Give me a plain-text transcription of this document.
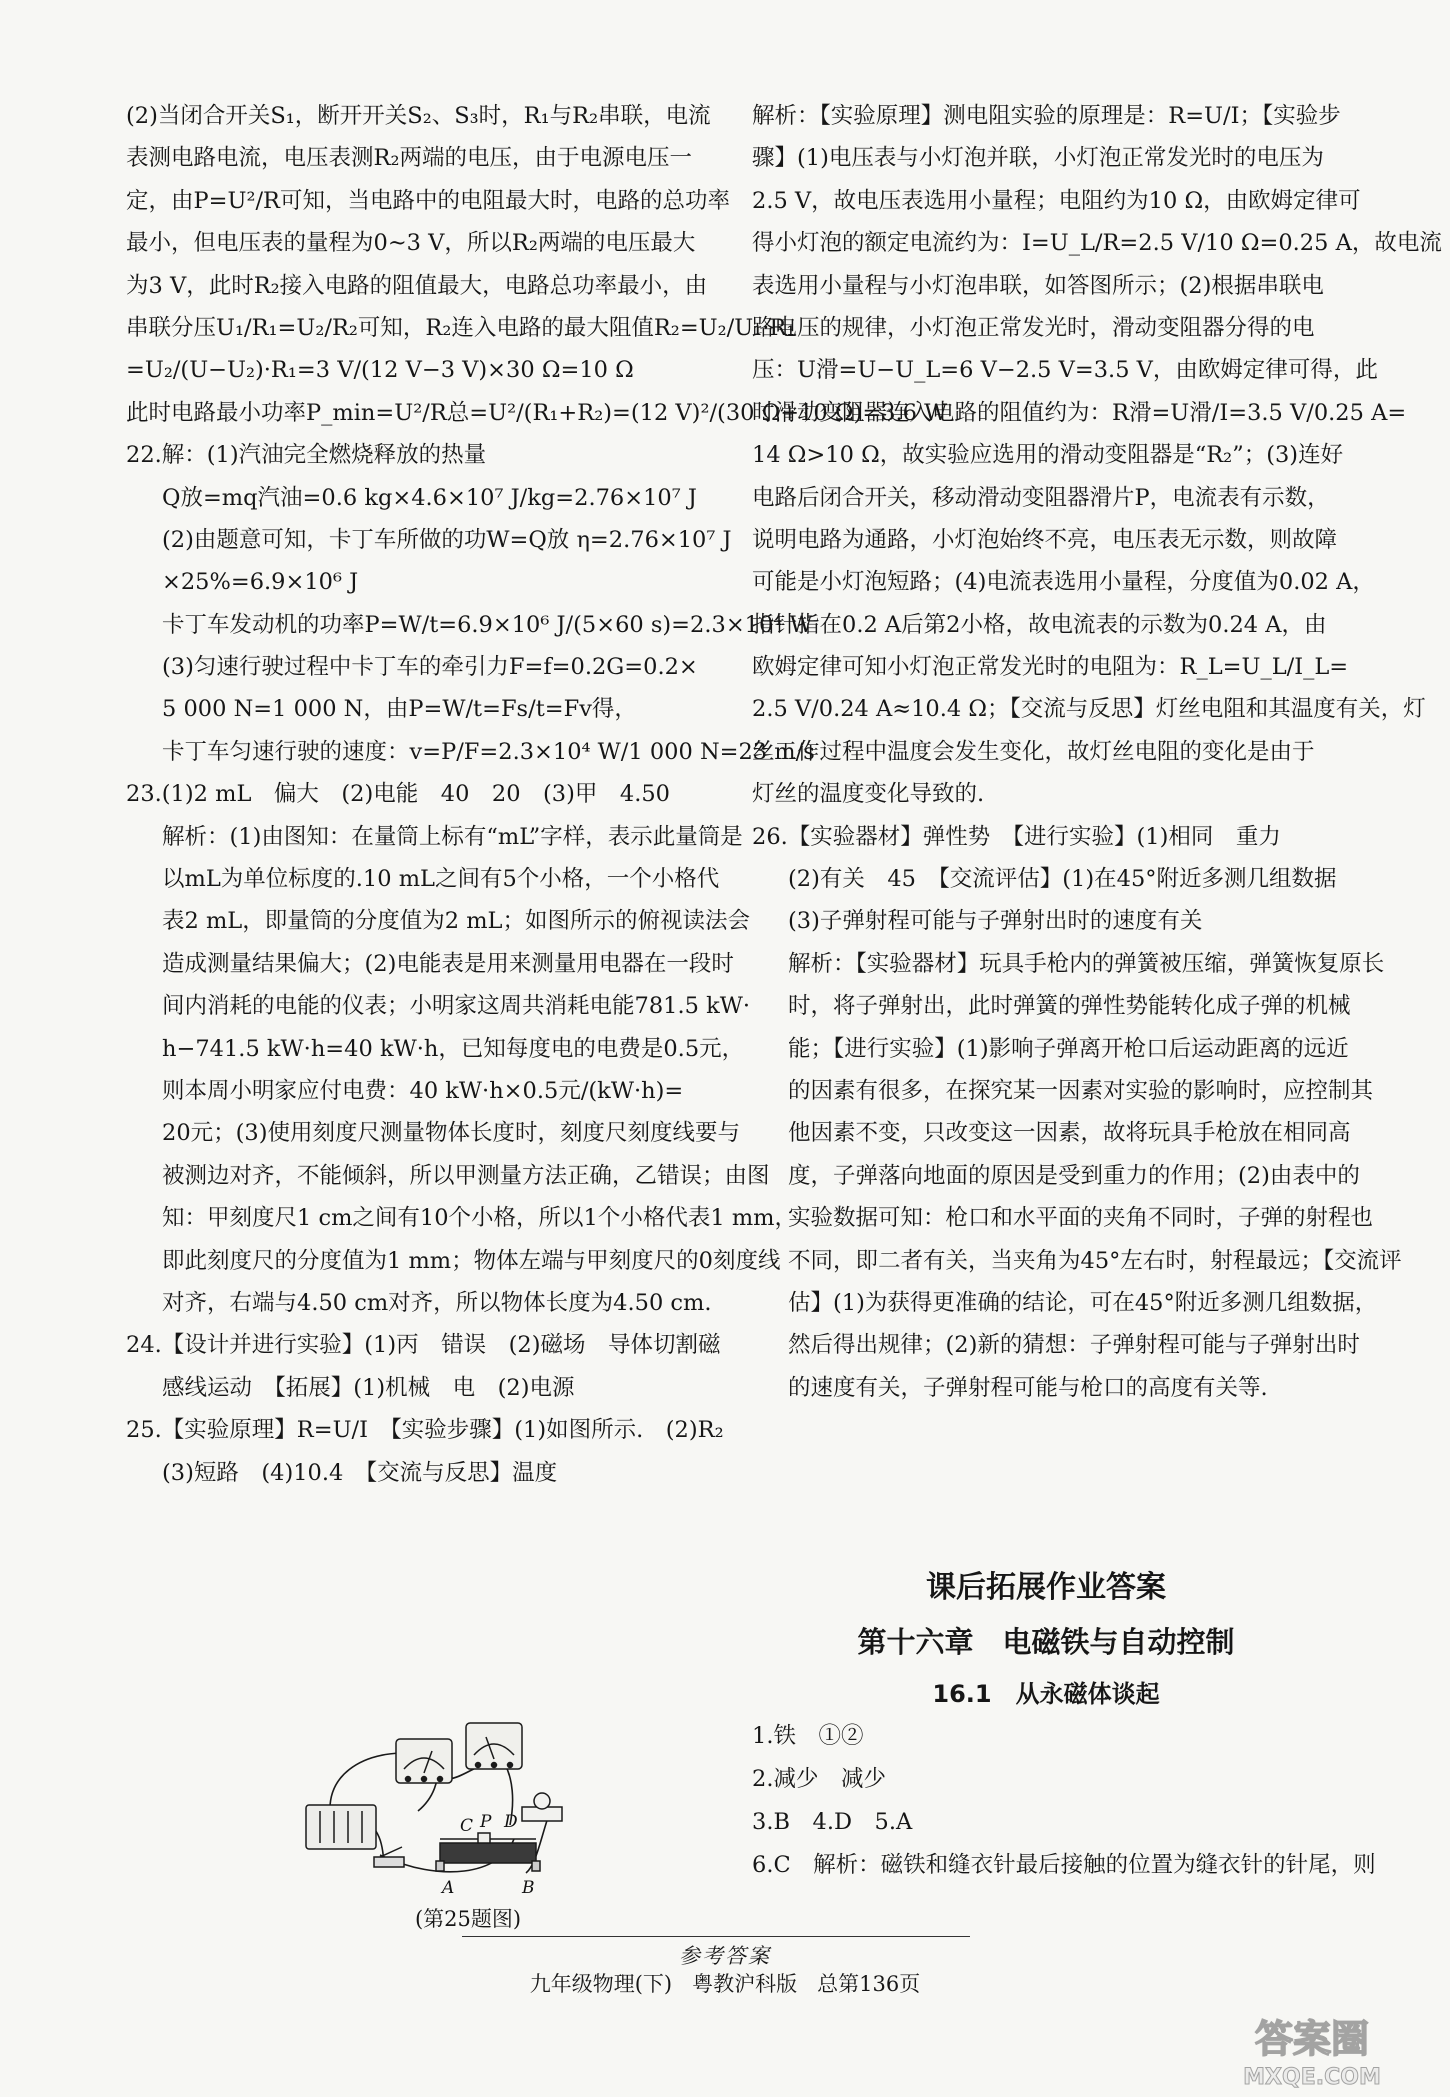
(2)当闭合开关S₁，断开开关S₂、S₃时，R₁与R₂串联，电流
表测电路电流，电压表测R₂两端的电压，由于电源电压一
定，由P=U²/R可知，当电路中的电阻最大时，电路的总功率
最小，但电压表的量程为0~3 V，所以R₂两端的电压最大
为3 V，此时R₂接入电路的阻值最大，电路总功率最小，由
串联分压U₁/R₁=U₂/R₂可知，R₂连入电路的最大阻值R₂=U₂/U₁·R₁
=U₂/(U−U₂)·R₁=3 V/(12 V−3 V)×30 Ω=10 Ω
此时电路最小功率P_min=U²/R总=U²/(R₁+R₂)=(12 V)²/(30 Ω+10 Ω)=3.6 W
22.解：(1)汽油完全燃烧释放的热量
Q放=mq汽油=0.6 kg×4.6×10⁷ J/kg=2.76×10⁷ J
(2)由题意可知，卡丁车所做的功W=Q放 η=2.76×10⁷ J
×25%=6.9×10⁶ J
卡丁车发动机的功率P=W/t=6.9×10⁶ J/(5×60 s)=2.3×10⁴ W
(3)匀速行驶过程中卡丁车的牵引力F=f=0.2G=0.2×
5 000 N=1 000 N，由P=W/t=Fs/t=Fv得，
卡丁车匀速行驶的速度：v=P/F=2.3×10⁴ W/1 000 N=23 m/s
23.(1)2 mL　偏大　(2)电能　40　20　(3)甲　4.50
解析：(1)由图知：在量筒上标有“mL”字样，表示此量筒是
以mL为单位标度的.10 mL之间有5个小格，一个小格代
表2 mL，即量筒的分度值为2 mL；如图所示的俯视读法会
造成测量结果偏大；(2)电能表是用来测量用电器在一段时
间内消耗的电能的仪表；小明家这周共消耗电能781.5 kW·
h−741.5 kW·h=40 kW·h，已知每度电的电费是0.5元，
则本周小明家应付电费：40 kW·h×0.5元/(kW·h)=
20元；(3)使用刻度尺测量物体长度时，刻度尺刻度线要与
被测边对齐，不能倾斜，所以甲测量方法正确，乙错误；由图
知：甲刻度尺1 cm之间有10个小格，所以1个小格代表1 mm，
即此刻度尺的分度值为1 mm；物体左端与甲刻度尺的0刻度线
对齐，右端与4.50 cm对齐，所以物体长度为4.50 cm.
24.【设计并进行实验】(1)丙　错误　(2)磁场　导体切割磁
感线运动　【拓展】(1)机械　电　(2)电源
25.【实验原理】R=U/I　【实验步骤】(1)如图所示.　(2)R₂
(3)短路　(4)10.4　【交流与反思】温度
解析：【实验原理】测电阻实验的原理是：R=U/I；【实验步
骤】(1)电压表与小灯泡并联，小灯泡正常发光时的电压为
2.5 V，故电压表选用小量程；电阻约为10 Ω，由欧姆定律可
得小灯泡的额定电流约为：I=U_L/R=2.5 V/10 Ω=0.25 A，故电流
表选用小量程与小灯泡串联，如答图所示；(2)根据串联电
路电压的规律，小灯泡正常发光时，滑动变阻器分得的电
压：U滑=U−U_L=6 V−2.5 V=3.5 V，由欧姆定律可得，此
时滑动变阻器连入电路的阻值约为：R滑=U滑/I=3.5 V/0.25 A=
14 Ω>10 Ω，故实验应选用的滑动变阻器是“R₂”；(3)连好
电路后闭合开关，移动滑动变阻器滑片P，电流表有示数，
说明电路为通路，小灯泡始终不亮，电压表无示数，则故障
可能是小灯泡短路；(4)电流表选用小量程，分度值为0.02 A，
指针指在0.2 A后第2小格，故电流表的示数为0.24 A，由
欧姆定律可知小灯泡正常发光时的电阻为：R_L=U_L/I_L=
2.5 V/0.24 A≈10.4 Ω；【交流与反思】灯丝电阻和其温度有关，灯
丝工作过程中温度会发生变化，故灯丝电阻的变化是由于
灯丝的温度变化导致的.
26.【实验器材】弹性势　【进行实验】(1)相同　重力
(2)有关　45　【交流评估】(1)在45°附近多测几组数据
(3)子弹射程可能与子弹射出时的速度有关
解析：【实验器材】玩具手枪内的弹簧被压缩，弹簧恢复原长
时，将子弹射出，此时弹簧的弹性势能转化成子弹的机械
能；【进行实验】(1)影响子弹离开枪口后运动距离的远近
的因素有很多，在探究某一因素对实验的影响时，应控制其
他因素不变，只改变这一因素，故将玩具手枪放在相同高
度，子弹落向地面的原因是受到重力的作用；(2)由表中的
实验数据可知：枪口和水平面的夹角不同时，子弹的射程也
不同，即二者有关，当夹角为45°左右时，射程最远；【交流评
估】(1)为获得更准确的结论，可在45°附近多测几组数据，
然后得出规律；(2)新的猜想：子弹射程可能与子弹射出时
的速度有关，子弹射程可能与枪口的高度有关等.
课后拓展作业答案
第十六章　电磁铁与自动控制
16.1　从永磁体谈起
1.铁　①②
2.减少　减少
3.B　4.D　5.A
6.C　解析：磁铁和缝衣针最后接触的位置为缝衣针的针尾，则
C P D
A	B
(第25题图)
参考答案
九年级物理(下) 粤教沪科版 总第136页
答案圈
MXQE.COM
